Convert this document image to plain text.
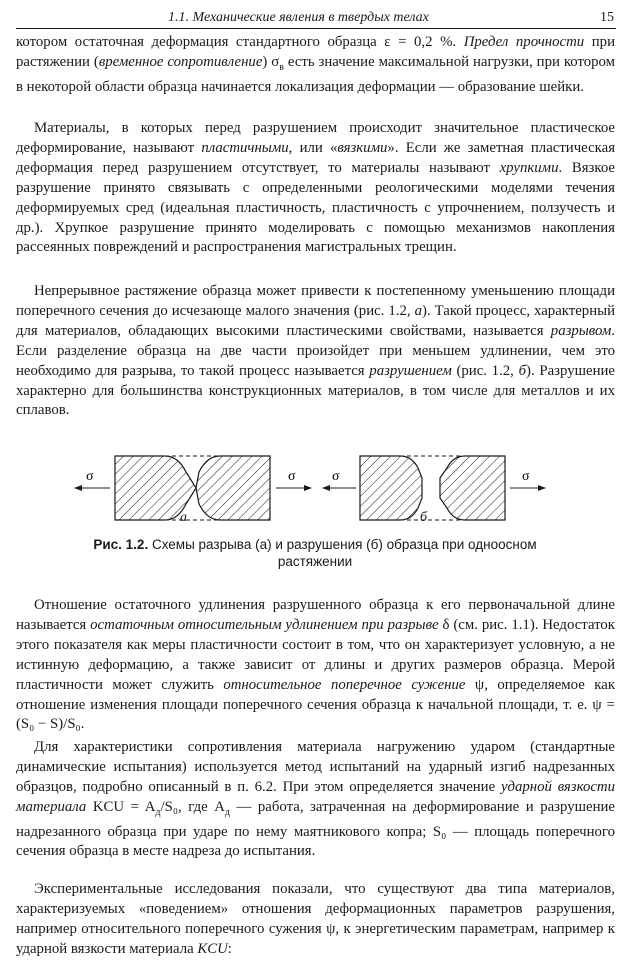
1.1. Механические явления в твердых телах	15

котором остаточная деформация стандартного образца ε = 0,2 %. Предел прочности при растяжении (временное сопротивление) $\sigma_в$ есть значение максимальной нагрузки, при котором в некоторой области образца начинается локализация деформации — образование шейки.

Материалы, в которых перед разрушением происходит значительное пластическое деформирование, называют пластичными, или «вязкими». Если же заметная пластическая деформация перед разрушением отсутствует, то материалы называют хрупкими. Вязкое разрушение принято связывать с определенными реологическими моделями течения деформируемых сред (идеальная пластичность, пластичность с упрочнением, ползучесть и др.). Хрупкое разрушение принято моделировать с помощью механизмов накопления рассеянных повреждений и распространения магистральных трещин.

Непрерывное растяжение образца может привести к постепенному уменьшению площади поперечного сечения до исчезающе малого значения (рис. 1.2, а). Такой процесс, характерный для материалов, обладающих высокими пластическими свойствами, называется разрывом. Если разделение образца на две части произойдет при меньшем удлинении, чем это необходимо для разрыва, то такой процесс называется разрушением (рис. 1.2, б). Разрушение характерно для большинства конструкционных материалов, в том числе для металлов и их сплавов.

σ	σ	σ	σ
а	б
Рис. 1.2. Схемы разрыва (а) и разрушения (б) образца при одноосном растяжении

Отношение остаточного удлинения разрушенного образца к его первоначальной длине называется остаточным относительным удлинением при разрыве δ (см. рис. 1.1). Недостаток этого показателя как меры пластичности состоит в том, что он характеризует условную, а не истинную деформацию, а также зависит от длины и других размеров образца. Мерой пластичности может служить относительное поперечное сужение ψ, определяемое как отношение изменения площади поперечного сечения образца к начальной площади, т. е. ψ = (S₀ − S)/S₀.

Для характеристики сопротивления материала нагружению ударом (стандартные динамические испытания) используется метод испытаний на ударный изгиб надрезанных образцов, подробно описанный в п. 6.2. При этом определяется значение ударной вязкости материала KCU = $A_д/S_0$, где $A_д$ — работа, затраченная на деформирование и разрушение надрезанного образца при ударе по нему маятникового копра; S₀ — площадь поперечного сечения образца в месте надреза до испытания.

Экспериментальные исследования показали, что существуют два типа материалов, характеризуемых «поведением» отношения деформационных параметров разрушения, например относительного поперечного сужения ψ, к энергетическим параметрам, например к ударной вязкости материала KCU:
